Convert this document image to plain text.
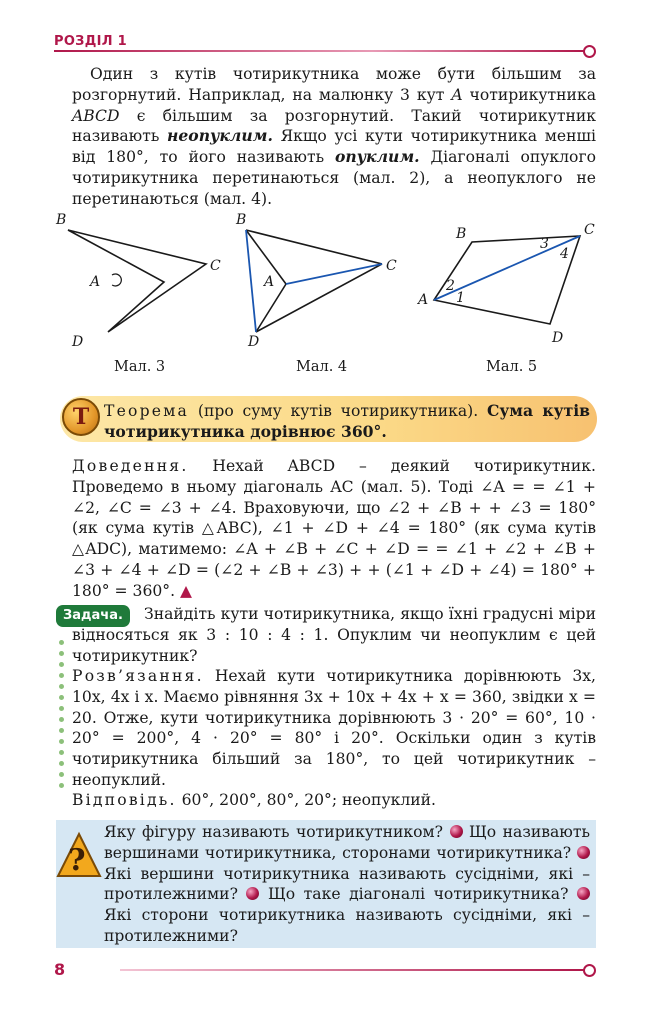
РОЗДІЛ 1

Один з кутів чотирикутника може бути більшим за розгорнутий. Наприклад, на малюнку 3 кут A чотирикутника ABCD є більшим за розгорнутий. Такий чотирикутник називають неопуклим. Якщо усі кути чотирикутника менші від 180°, то його називають опуклим. Діагоналі опуклого чотирикутника перетинаються (мал. 2), а неопуклого не перетинаються (мал. 4).

B
C
A
D
B
C
A
D
B	C
A
D
1
2
3
4
Мал. 3	Мал. 4	Мал. 5
Т Теорема (про суму кутів чотирикутника). Сума кутів чотирикутника дорівнює 360°.

Доведення. Нехай ABCD – деякий чотирикутник. Проведемо в ньому діагональ AC (мал. 5). Тоді ∠A = = ∠1 + ∠2, ∠C = ∠3 + ∠4. Враховуючи, що ∠2 + ∠B + + ∠3 = 180° (як сума кутів △ABC), ∠1 + ∠D + ∠4 = 180° (як сума кутів △ADC), матимемо: ∠A + ∠B + ∠C + ∠D = = ∠1 + ∠2 + ∠B + ∠3 + ∠4 + ∠D = (∠2 + ∠B + ∠3) + + (∠1 + ∠D + ∠4) = 180° + 180° = 360°. ▲

Задача.	Знайдіть кути чотирикутника, якщо їхні градусні міри відносяться як 3 : 10 : 4 : 1. Опуклим чи неопуклим є цей чотирикутник?

Розв’язання. Нехай кути чотирикутника дорівнюють 3x, 10x, 4x і x. Маємо рівняння 3x + 10x + 4x + x = 360, звідки x = 20. Отже, кути чотирикутника дорівнюють 3 · 20° = 60°, 10 · 20° = 200°, 4 · 20° = 80° і 20°. Оскільки один з кутів чотирикутника більший за 180°, то цей чотирикутник – неопуклий.

Відповідь. 60°, 200°, 80°, 20°; неопуклий.

?
Яку фігуру називають чотирикутником?  Що називають вершинами чотирикутника, сторонами чотирикутника?  Які вершини чотирикутника називають сусідніми, які – протилежними?  Що таке діагоналі чотирикутника?  Які сторони чотирикутника називають сусідніми, які – протилежними?
8
